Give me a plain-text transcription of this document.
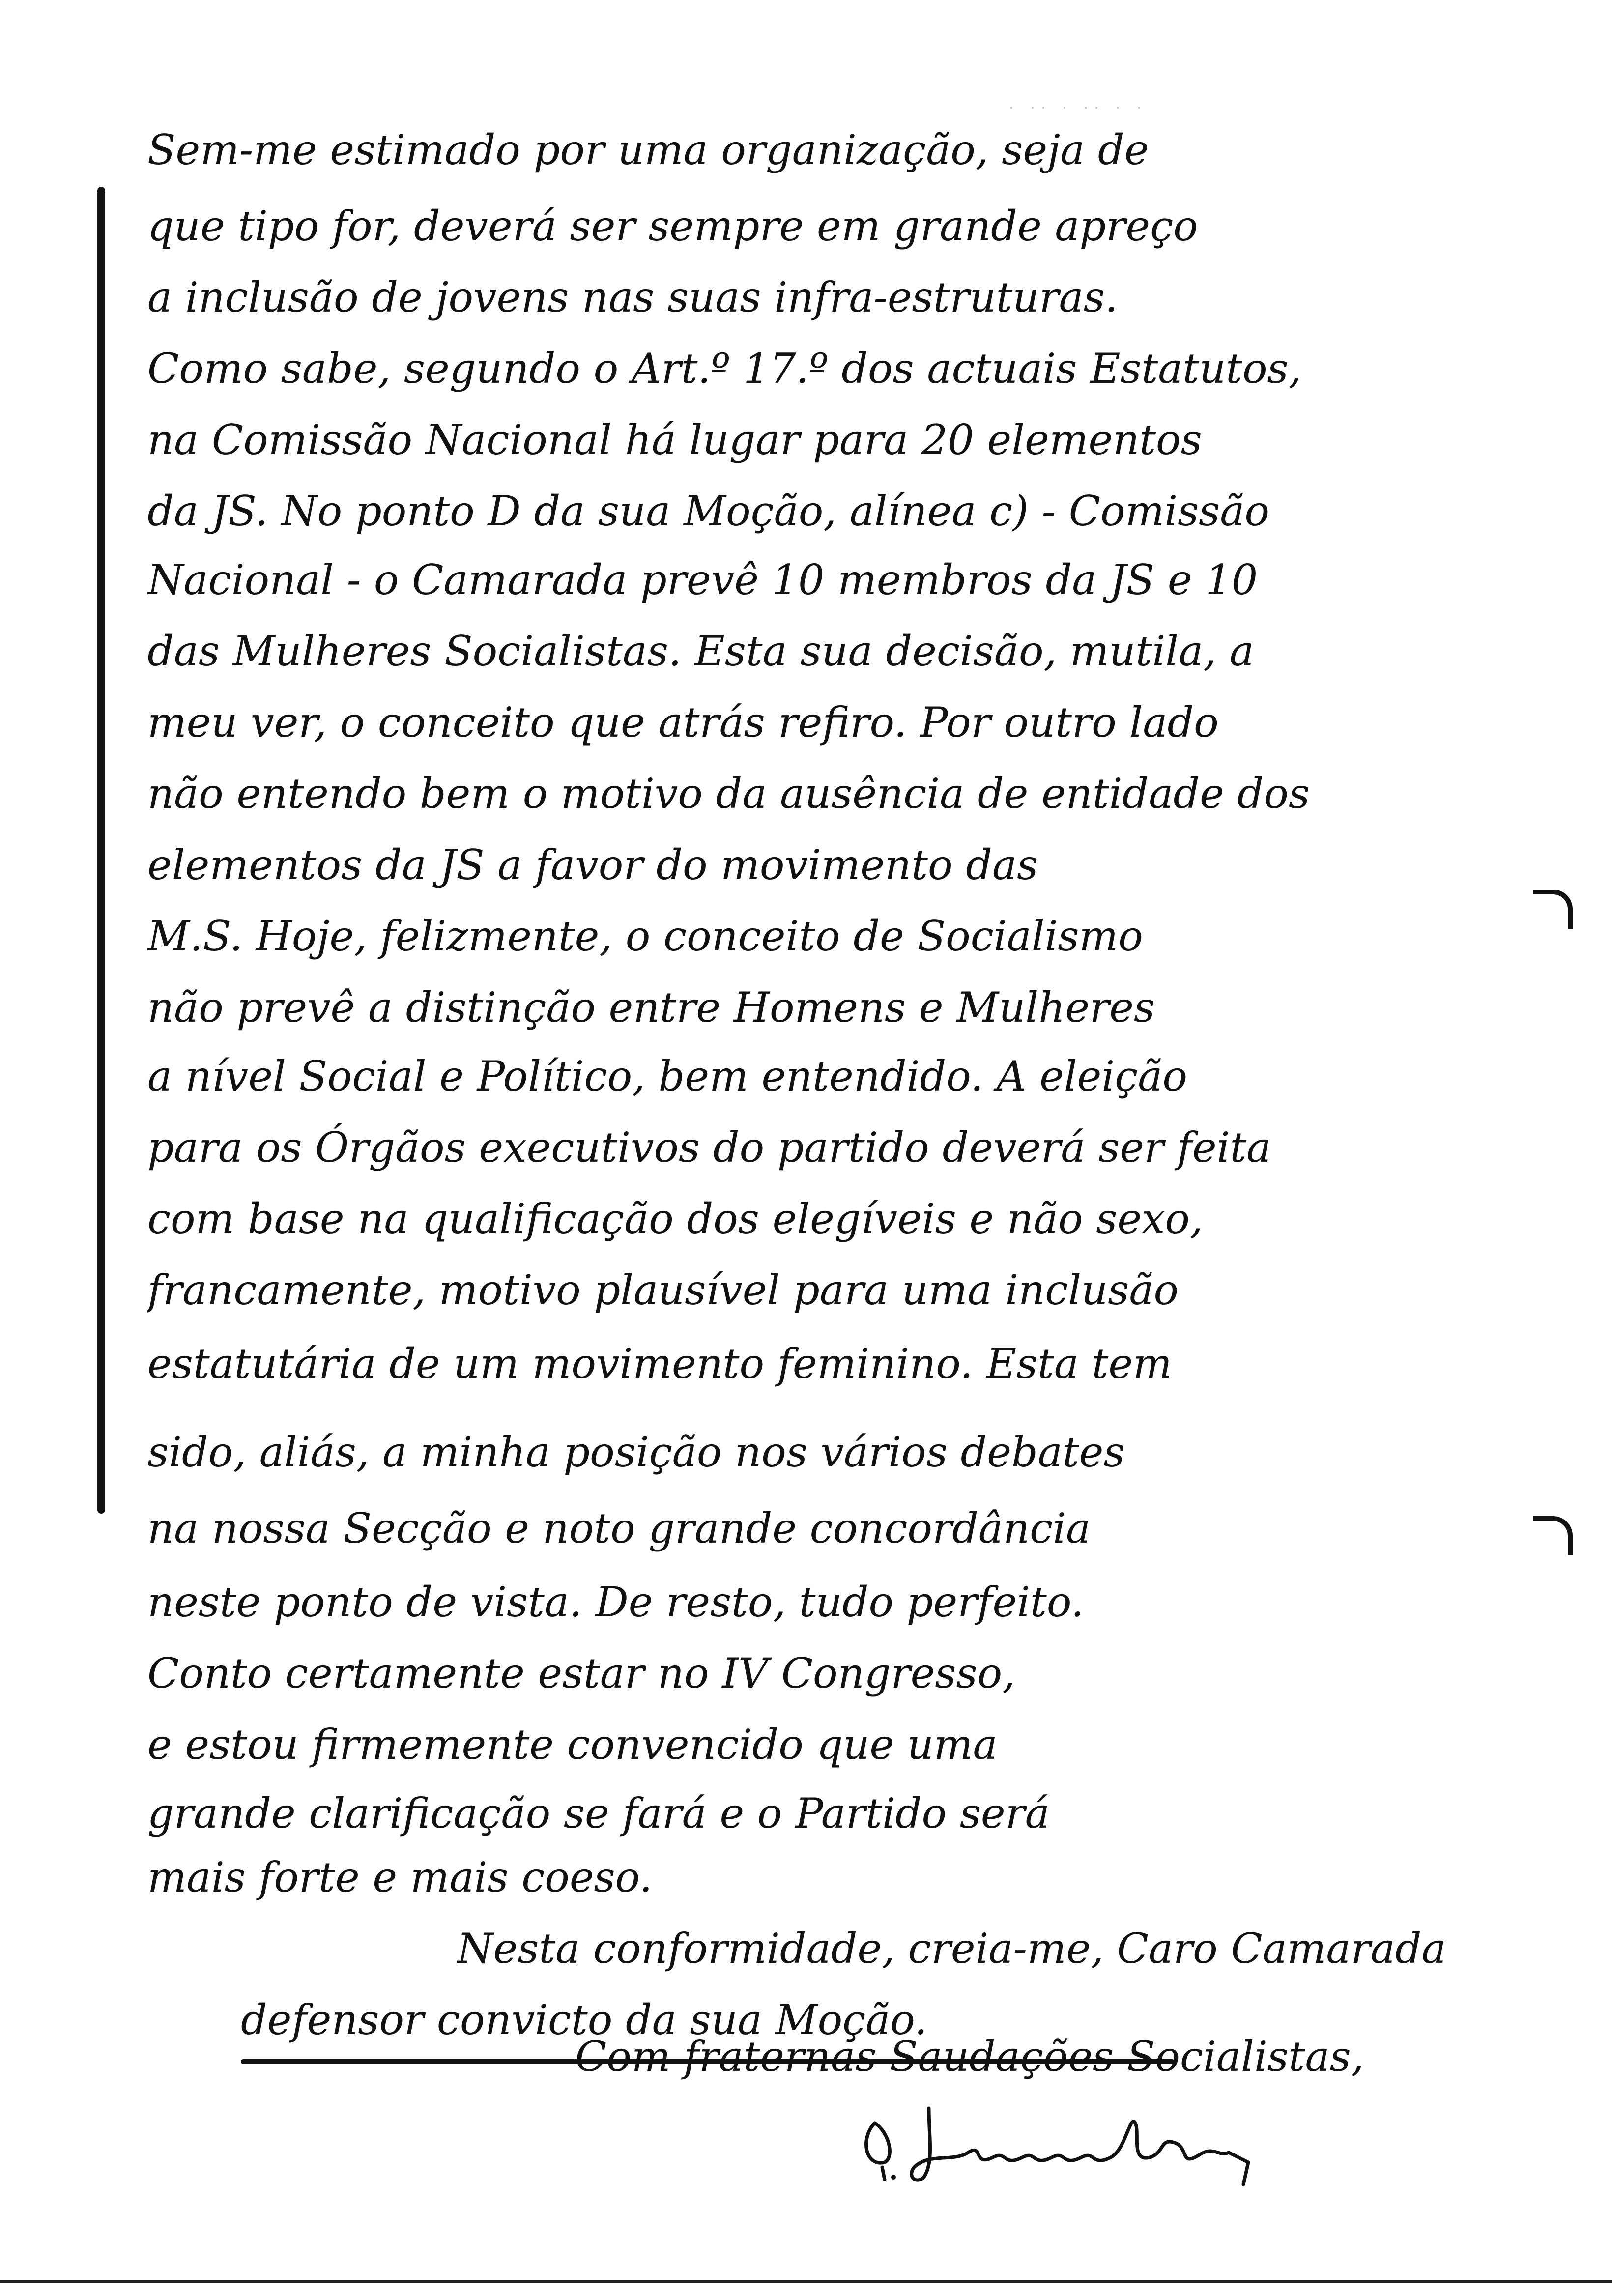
· ·· · ·· · ·
Sem-me estimado por uma organização, seja de
que tipo for, deverá ser sempre em grande apreço
a inclusão de jovens nas suas infra-estruturas.
Como sabe, segundo o Art.º 17.º dos actuais Estatutos,
na Comissão Nacional há lugar para 20 elementos
da JS. No ponto D da sua Moção, alínea c) - Comissão
Nacional - o Camarada prevê 10 membros da JS e 10
das Mulheres Socialistas. Esta sua decisão, mutila, a
meu ver, o conceito que atrás refiro. Por outro lado
não entendo bem o motivo da ausência de entidade dos
elementos da JS a favor do movimento das
M.S. Hoje, felizmente, o conceito de Socialismo
não prevê a distinção entre Homens e Mulheres
a nível Social e Político, bem entendido. A eleição
para os Órgãos executivos do partido deverá ser feita
com base na qualificação dos elegíveis e não sexo,
francamente, motivo plausível para uma inclusão
estatutária de um movimento feminino. Esta tem
sido, aliás, a minha posição nos vários debates
na nossa Secção e noto grande concordância
neste ponto de vista. De resto, tudo perfeito.
Conto certamente estar no IV Congresso,
e estou firmemente convencido que uma
grande clarificação se fará e o Partido será
mais forte e mais coeso.
Nesta conformidade, creia-me, Caro Camarada
defensor convicto da sua Moção.
Com fraternas Saudações Socialistas,
